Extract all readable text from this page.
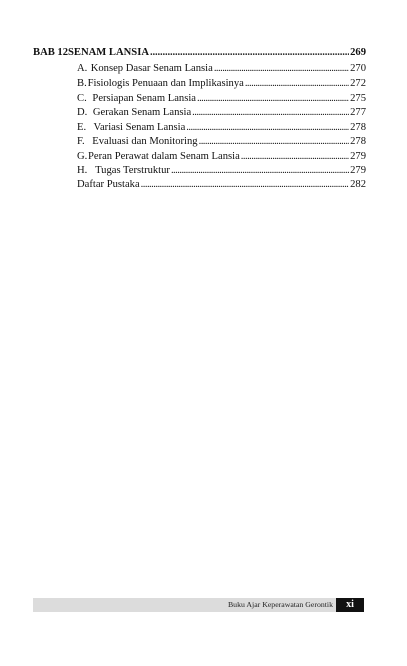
BAB 12 SENAM LANSIA . . .	269
A. Konsep Dasar Senam Lansia . . .	270
B. Fisiologis Penuaan dan Implikasinya . . .	272
C. Persiapan Senam Lansia . . .	275
D. Gerakan Senam Lansia . . .	277
E. Variasi Senam Lansia . . .	278
F. Evaluasi dan Monitoring . . .	278
G. Peran Perawat dalam Senam Lansia . . .	279
H. Tugas Terstruktur . . .	279
Daftar Pustaka . . .	282
Buku Ajar Keperawatan Gerontik	xi
